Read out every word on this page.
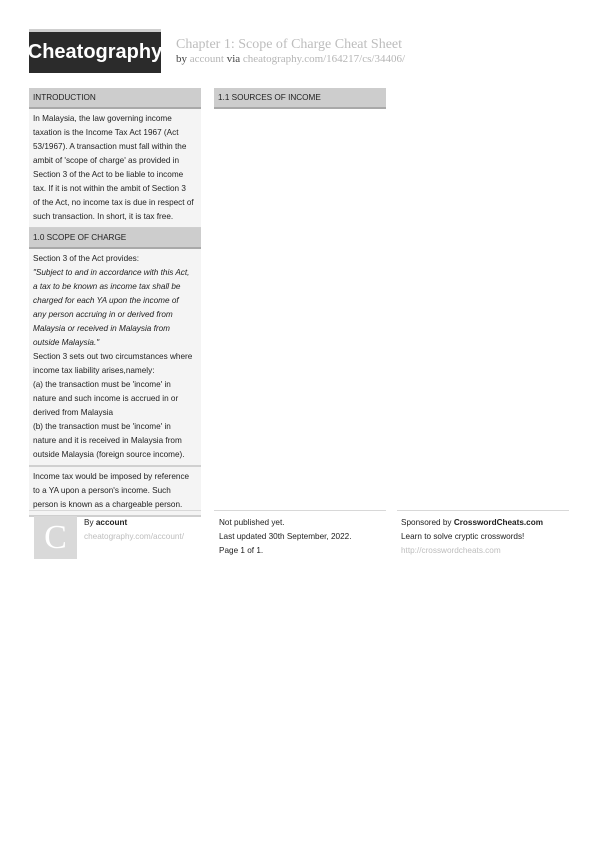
Cheatography Chapter 1: Scope of Charge Cheat Sheet
by account via cheatography.com/164217/cs/34406/
INTRODUCTION
In Malaysia, the law governing income
taxation is the Income Tax Act 1967 (Act
53/1967). A transaction must fall within the
ambit of 'scope of charge' as provided in
Section 3 of the Act to be liable to income
tax. If it is not within the ambit of Section 3
of the Act, no income tax is due in respect of
such transaction. In short, it is tax free.
1.0 SCOPE OF CHARGE
Section 3 of the Act provides:
"Subject to and in accordance with this Act,
a tax to be known as income tax shall be
charged for each YA upon the income of
any person accruing in or derived from
Malaysia or received in Malaysia from
outside Malaysia."
Section 3 sets out two circumstances where
income tax liability arises,namely:
(a) the transaction must be 'income' in
nature and such income is accrued in or
derived from Malaysia
(b) the transaction must be 'income' in
nature and it is received in Malaysia from
outside Malaysia (foreign source income).
Income tax would be imposed by reference
to a YA upon a person's income. Such
person is known as a chargeable person.
1.1 SOURCES OF INCOME
C	By account
cheatography.com/account/
Not published yet.
Last updated 30th September, 2022.
Page 1 of 1.
Sponsored by CrosswordCheats.com
Learn to solve cryptic crosswords!
http://crosswordcheats.com
